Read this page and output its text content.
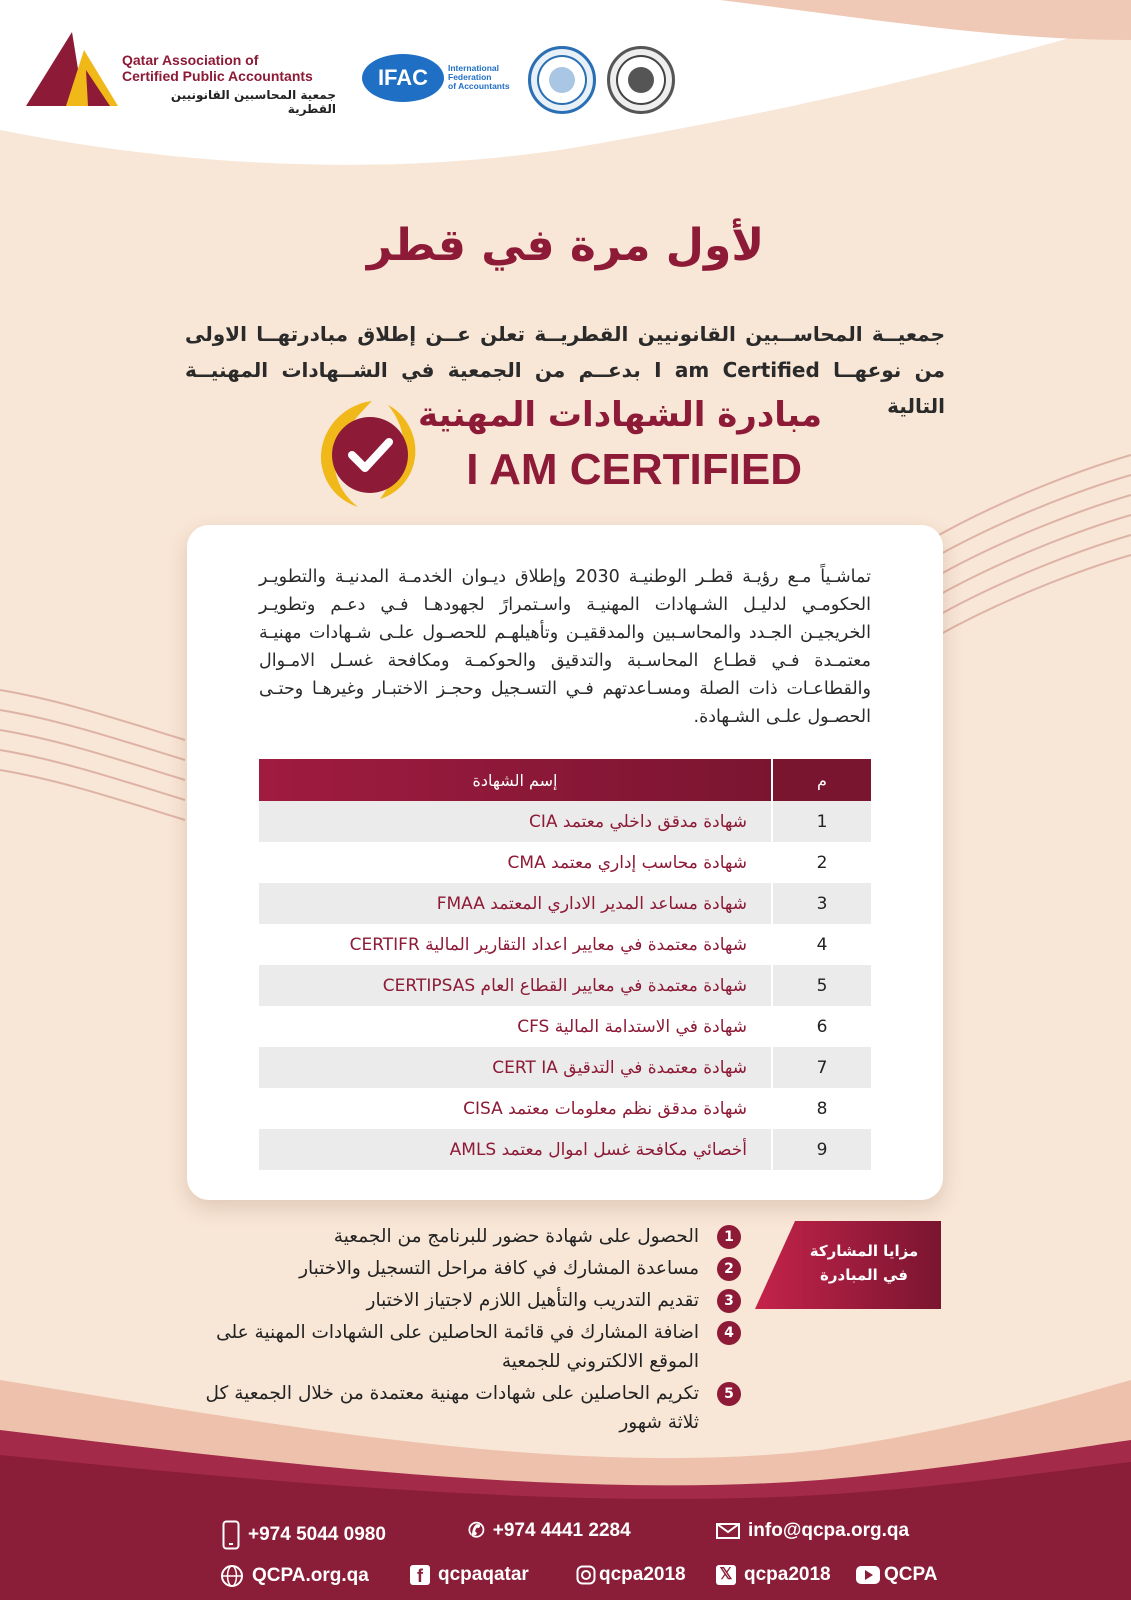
Qatar Association of
Certified Public Accountants
جمعية المحاسبين القانونيين القطرية
IFAC	International
Federation
of Accountants
لأول مرة في قطر
جمعيــة المحاســبين القانونيين القطريــة تعلن عــن إطلاق مبادرتهــا الاولى من نوعهــا I am Certified بدعــم من الجمعية في الشــهادات المهنيــة التالية
مبادرة الشهادات المهنية
I AM CERTIFIED
تماشـياً مـع رؤيـة قطـر الوطنيـة 2030 وإطلاق ديـوان الخدمـة المدنيـة والتطويـر الحكومـي لدليـل الشـهادات المهنيـة واسـتمرارً لجهودهـا فـي دعـم وتطويـر الخريجيـن الجـدد والمحاسـبين والمدققيـن وتأهيلهـم للحصـول علـى شـهادات مهنيـة معتمـدة فـي قطـاع المحاسـبة والتدقيق والحوكمـة ومكافحة غسـل الامـوال والقطاعـات ذات الصلة ومسـاعدتهم فـي التسـجيل وحجـز الاختبـار وغيرهـا وحتـى الحصـول علـى الشـهادة.
إسم الشهادة	م
شهادة مدقق داخلي معتمد CIA	1
شهادة محاسب إداري معتمد CMA	2
شهادة مساعد المدير الاداري المعتمد FMAA	3
شهادة معتمدة في معايير اعداد التقارير المالية CERTIFR	4
شهادة معتمدة في معايير القطاع العام CERTIPSAS	5
شهادة في الاستدامة المالية CFS	6
شهادة معتمدة في التدقيق CERT IA	7
شهادة مدقق نظم معلومات معتمد CISA	8
أخصائي مكافحة غسل اموال معتمد AMLS	9
مزايا المشاركة في المبادرة
1
الحصول على شهادة حضور للبرنامج من الجمعية
2
مساعدة المشارك في كافة مراحل التسجيل والاختبار
3
تقديم التدريب والتأهيل اللازم لاجتياز الاختبار
4
اضافة المشارك في قائمة الحاصلين على الشهادات المهنية على الموقع الالكتروني للجمعية
5
تكريم الحاصلين على شهادات مهنية معتمدة من خلال الجمعية كل ثلاثة شهور
+974 5044 0980	✆ +974 4441 2284	info@qcpa.org.qa
QCPA.org.qa	f qcpaqatar	qcpa2018 𝕏 qcpa2018	QCPA
